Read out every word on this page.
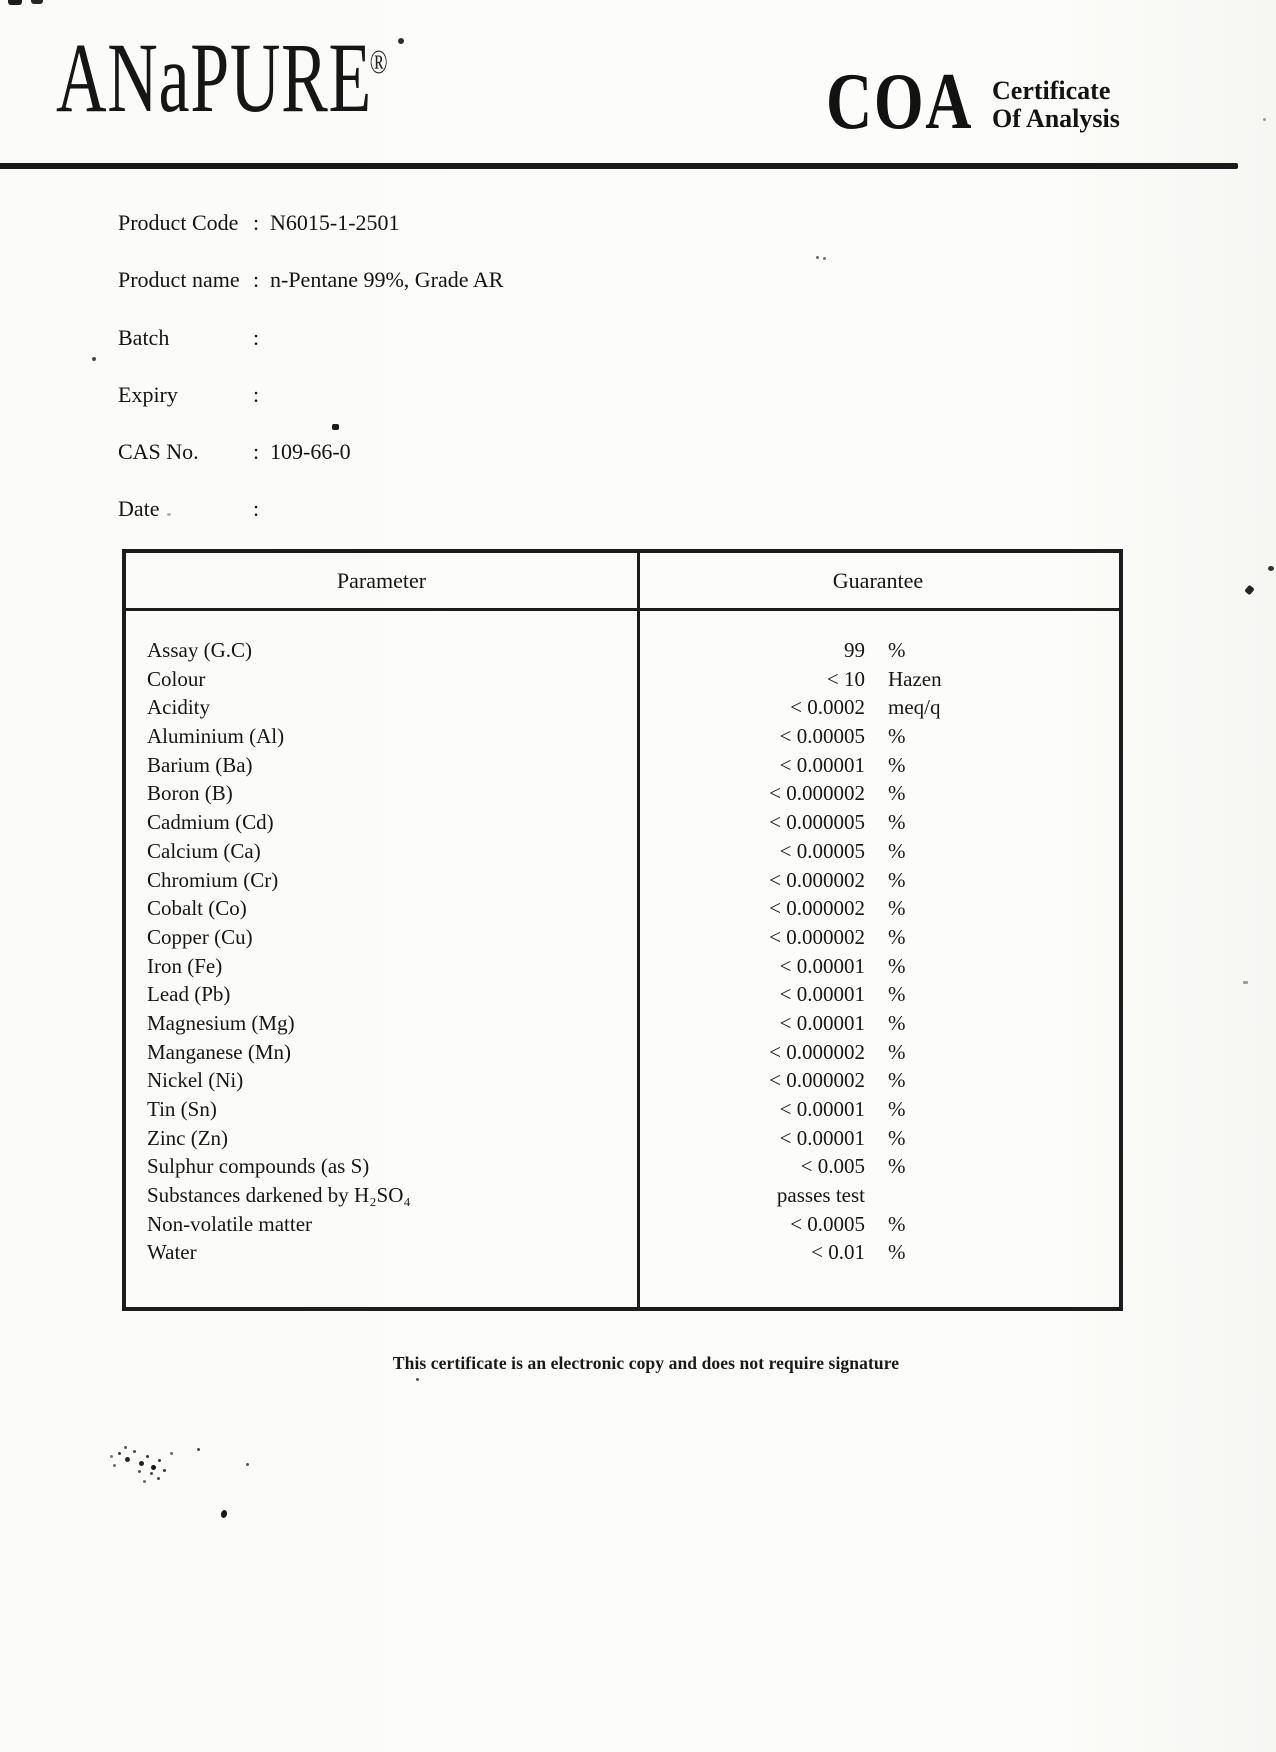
ANaPURE
®	COA Certificate
Of Analysis
Product Code : N6015-1-2501
Product name : n-Pentane 99%, Grade AR
Batch	:
Expiry	:
CAS No.	: 109-66-0
Date	:
Parameter	Guarantee
Assay (G.C)	99	%
Colour	< 10	Hazen
Acidity	< 0.0002	meq/q
Aluminium (Al)	< 0.00005	%
Barium (Ba)	< 0.00001	%
Boron (B)	< 0.000002	%
Cadmium (Cd)	< 0.000005	%
Calcium (Ca)	< 0.00005	%
Chromium (Cr)	< 0.000002	%
Cobalt (Co)	< 0.000002	%
Copper (Cu)	< 0.000002	%
Iron (Fe)	< 0.00001	%
Lead (Pb)	< 0.00001	%
Magnesium (Mg)	< 0.00001	%
Manganese (Mn)	< 0.000002	%
Nickel (Ni)	< 0.000002	%
Tin (Sn)	< 0.00001	%
Zinc (Zn)	< 0.00001	%
Sulphur compounds (as S)	< 0.005	%
Substances darkened by H₂SO₄	passes test
Non-volatile matter	< 0.0005	%
Water	< 0.01	%
This certificate is an electronic copy and does not require signature
